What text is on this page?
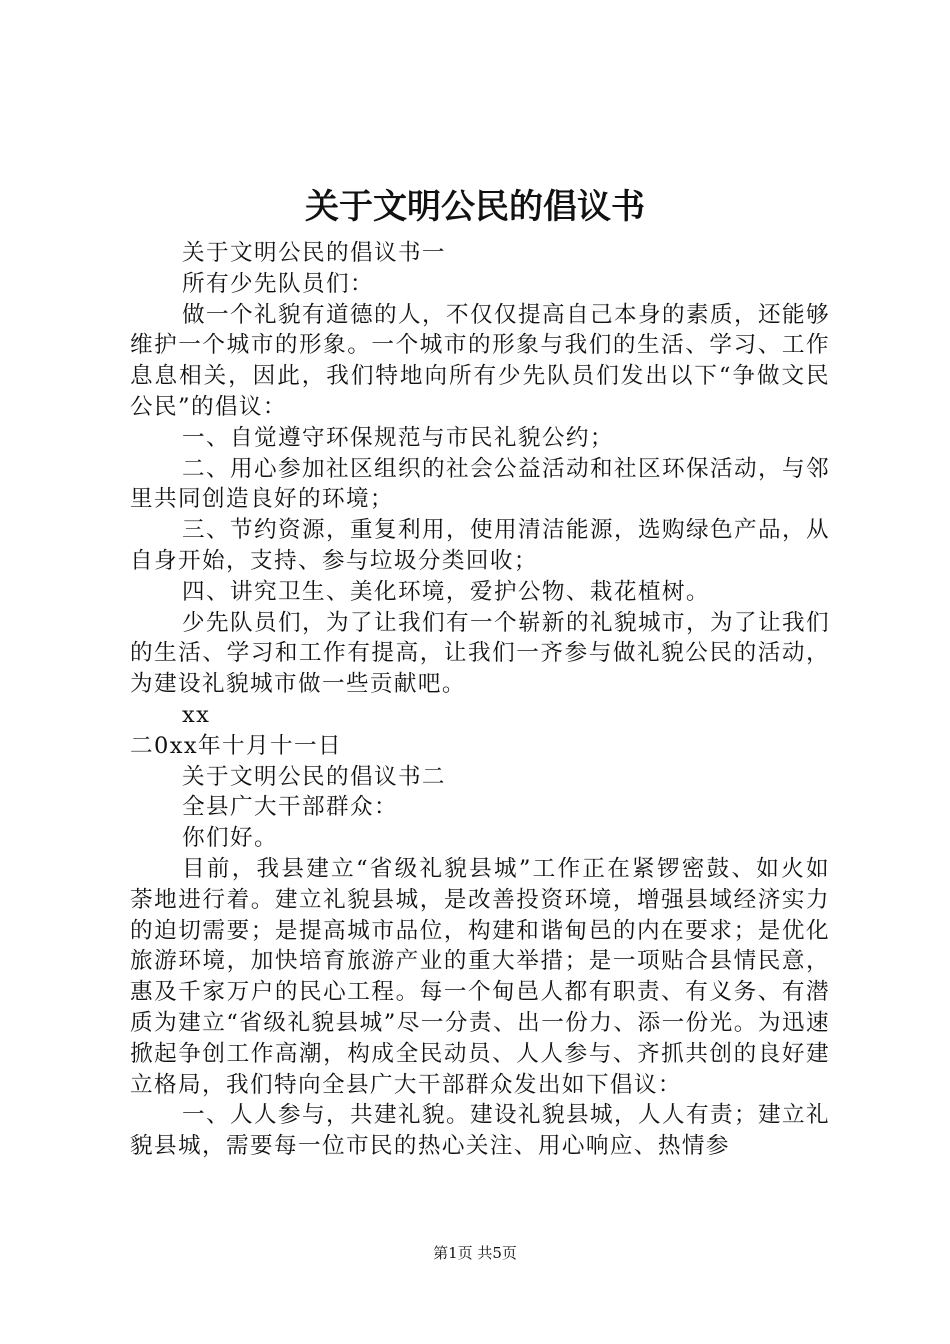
关于文明公民的倡议书

关于文明公民的倡议书一

所有少先队员们：

做一个礼貌有道德的人，不仅仅提高自己本身的素质，还能够维护一个城市的形象。一个城市的形象与我们的生活、学习、工作息息相关，因此，我们特地向所有少先队员们发出以下“争做文民公民”的倡议：

一、自觉遵守环保规范与市民礼貌公约；

二、用心参加社区组织的社会公益活动和社区环保活动，与邻里共同创造良好的环境；

三、节约资源，重复利用，使用清洁能源，选购绿色产品，从自身开始，支持、参与垃圾分类回收；

四、讲究卫生、美化环境，爱护公物、栽花植树。

少先队员们，为了让我们有一个崭新的礼貌城市，为了让我们的生活、学习和工作有提高，让我们一齐参与做礼貌公民的活动，为建设礼貌城市做一些贡献吧。

xx

二0xx年十月十一日

关于文明公民的倡议书二

全县广大干部群众：

你们好。

目前，我县建立“省级礼貌县城”工作正在紧锣密鼓、如火如荼地进行着。建立礼貌县城，是改善投资环境，增强县域经济实力的迫切需要；是提高城市品位，构建和谐甸邑的内在要求；是优化旅游环境，加快培育旅游产业的重大举措；是一项贴合县情民意，惠及千家万户的民心工程。每一个甸邑人都有职责、有义务、有潜质为建立“省级礼貌县城”尽一分责、出一份力、添一份光。为迅速掀起争创工作高潮，构成全民动员、人人参与、齐抓共创的良好建立格局，我们特向全县广大干部群众发出如下倡议：

一、人人参与，共建礼貌。建设礼貌县城，人人有责；建立礼貌县城，需要每一位市民的热心关注、用心响应、热情参

第1页 共5页
